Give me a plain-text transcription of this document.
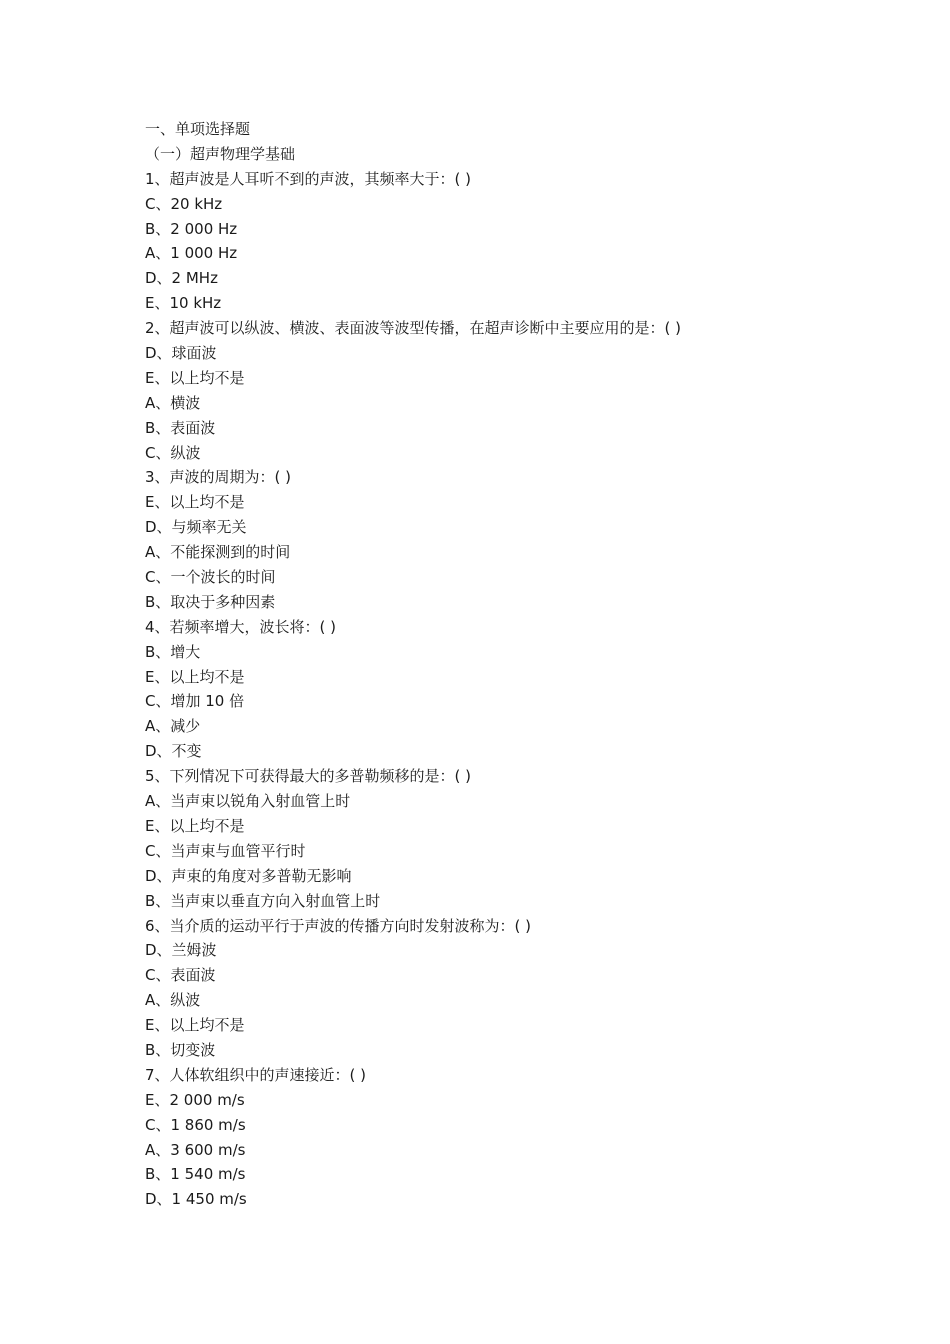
一、单项选择题
（一）超声物理学基础
1、超声波是人耳听不到的声波，其频率大于：( )
C、20 kHz
B、2 000 Hz
A、1 000 Hz
D、2 MHz
E、10 kHz
2、超声波可以纵波、横波、表面波等波型传播，在超声诊断中主要应用的是：( )
D、球面波
E、以上均不是
A、横波
B、表面波
C、纵波
3、声波的周期为：( )
E、以上均不是
D、与频率无关
A、不能探测到的时间
C、一个波长的时间
B、取决于多种因素
4、若频率增大，波长将：( )
B、增大
E、以上均不是
C、增加 10 倍
A、减少
D、不变
5、下列情况下可获得最大的多普勒频移的是：( )
A、当声束以锐角入射血管上时
E、以上均不是
C、当声束与血管平行时
D、声束的角度对多普勒无影响
B、当声束以垂直方向入射血管上时
6、当介质的运动平行于声波的传播方向时发射波称为：( )
D、兰姆波
C、表面波
A、纵波
E、以上均不是
B、切变波
7、人体软组织中的声速接近：( )
E、2 000 m/s
C、1 860 m/s
A、3 600 m/s
B、1 540 m/s
D、1 450 m/s
